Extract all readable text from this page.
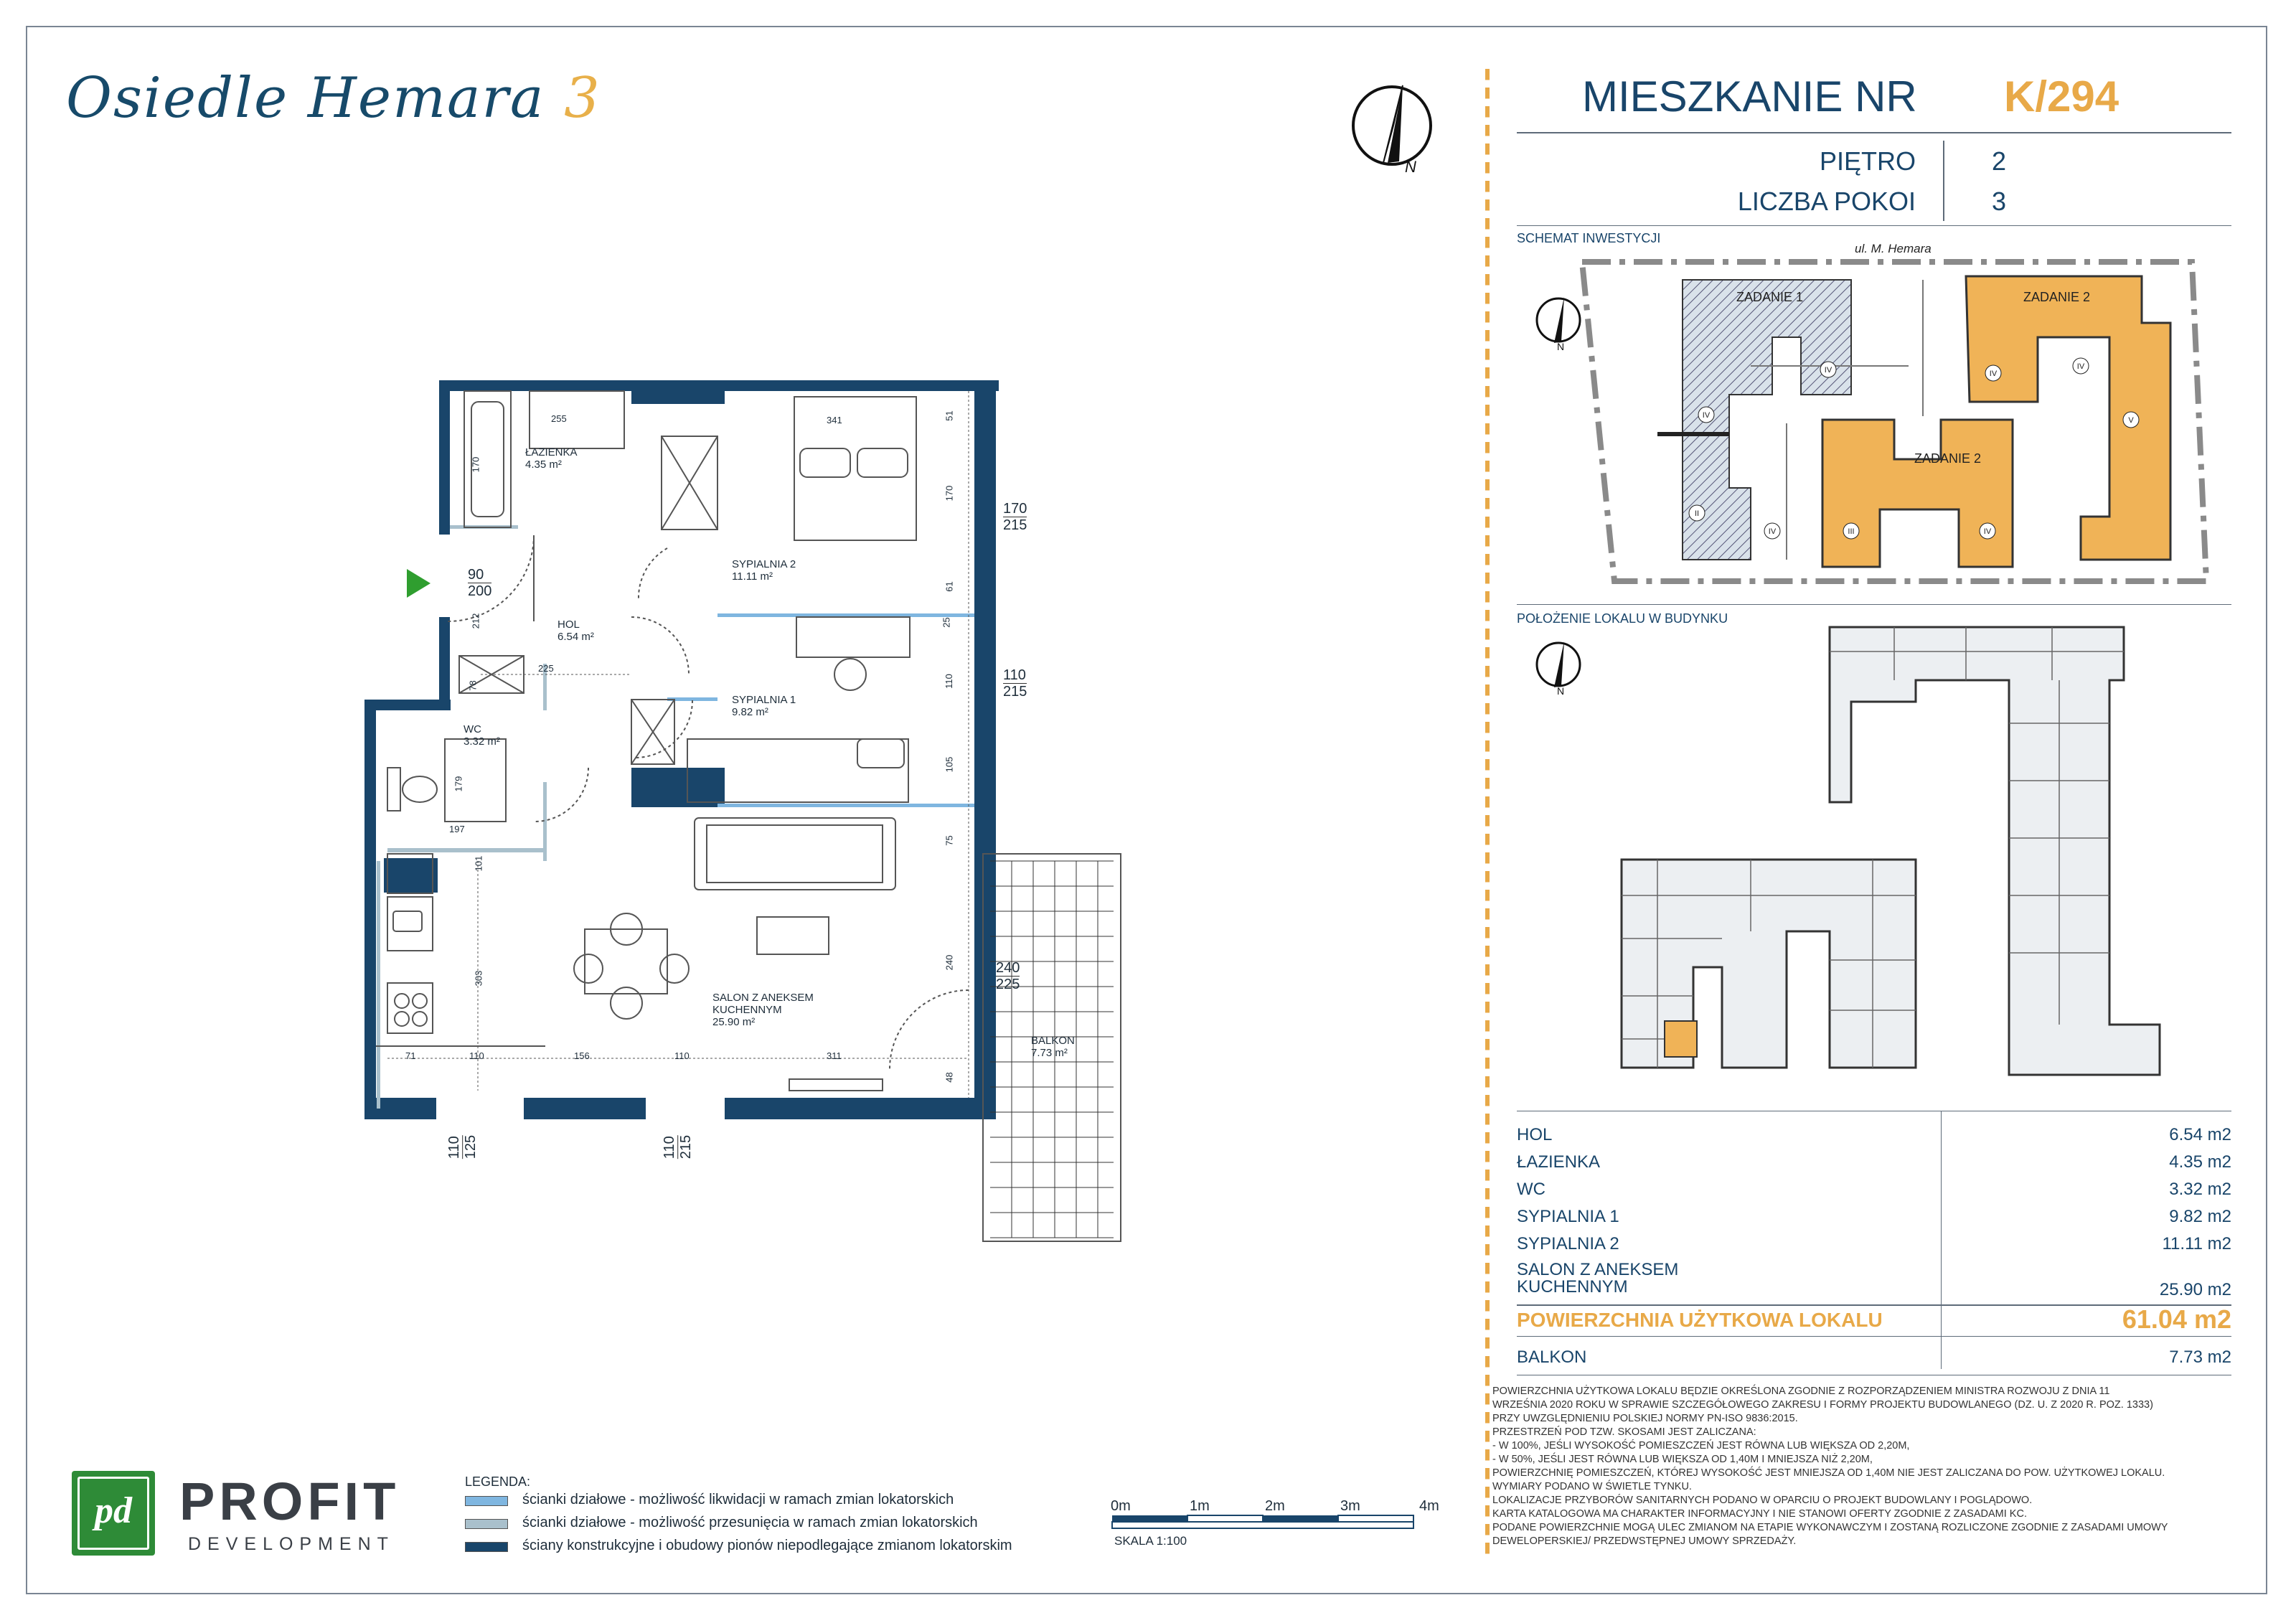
Osiedle Hemara 3
N
MIESZKANIE NR K/294
PIĘTRO	2
LICZBA POKOI	3
SCHEMAT INWESTYCJI
ul. M. Hemara
ZADANIE 1	ZADANIE 2
ZADANIE 2
IV
IV
II
III	IV
IV
V
IV
IV
N
POŁOŻENIE LOKALU W BUDYNKU
N
HOL	6.54 m2
ŁAZIENKA	4.35 m2
WC	3.32 m2
SYPIALNIA 1	9.82 m2
SYPIALNIA 2	11.11 m2
SALON Z ANEKSEM KUCHENNYM	25.90 m2
POWIERZCHNIA UŻYTKOWA LOKALU	61.04 m2
BALKON	7.73 m2
POWIERZCHNIA UŻYTKOWA LOKALU BĘDZIE OKREŚLONA ZGODNIE Z ROZPORZĄDZENIEM MINISTRA ROZWOJU Z DNIA 11
WRZEŚNIA 2020 ROKU W SPRAWIE SZCZEGÓŁOWEGO ZAKRESU I FORMY PROJEKTU BUDOWLANEGO (DZ. U. Z 2020 R. POZ. 1333)
PRZY UWZGLĘDNIENIU POLSKIEJ NORMY PN-ISO 9836:2015.
PRZESTRZEŃ POD TZW. SKOSAMI JEST ZALICZANA:
- W 100%, JEŚLI WYSOKOŚĆ POMIESZCZEŃ JEST RÓWNA LUB WIĘKSZA OD 2,20M,
- W 50%, JEŚLI JEST RÓWNA LUB WIĘKSZA OD 1,40M I MNIEJSZA NIŻ 2,20M,
POWIERZCHNIĘ POMIESZCZEŃ, KTÓREJ WYSOKOŚĆ JEST MNIEJSZA OD 1,40M NIE JEST ZALICZANA DO POW. UŻYTKOWEJ LOKALU.
WYMIARY PODANO W ŚWIETLE TYNKU.
LOKALIZACJE PRZYBORÓW SANITARNYCH PODANO W OPARCIU O PROJEKT BUDOWLANY I POGLĄDOWO.
KARTA KATALOGOWA MA CHARAKTER INFORMACYJNY I NIE STANOWI OFERTY ZGODNIE Z ZASADAMI KC.
PODANE POWIERZCHNIE MOGĄ ULEC ZMIANOM NA ETAPIE WYKONAWCZYM I ZOSTANĄ ROZLICZONE ZGODNIE Z ZASADAMI UMOWY
DEWELOPERSKIEJ/ PRZEDWSTĘPNEJ UMOWY SPRZEDAŻY.
pd PROFIT
DEVELOPMENT
LEGENDA:
ścianki działowe - możliwość likwidacji w ramach zmian lokatorskich
ścianki działowe - możliwość przesunięcia w ramach zmian lokatorskich
ściany konstrukcyjne i obudowy pionów niepodlegające zmianom lokatorskim
0m	1m	2m	3m	4m
SKALA 1:100
ŁAZIENKA
4.35 m²
SYPIALNIA 2
11.11 m²
HOL
6.54 m²
SYPIALNIA 1
9.82 m²
WC
3.32 m²
SALON Z ANEKSEM
KUCHENNYM
25.90 m²
BALKON
7.73 m²
255	341
170
170
51
61
212
225
110
105
179
197
75
303
240
71	110	156	110	311
48
78
25
101
170
215
110
215
240
225
110 125	110 215
90
200
